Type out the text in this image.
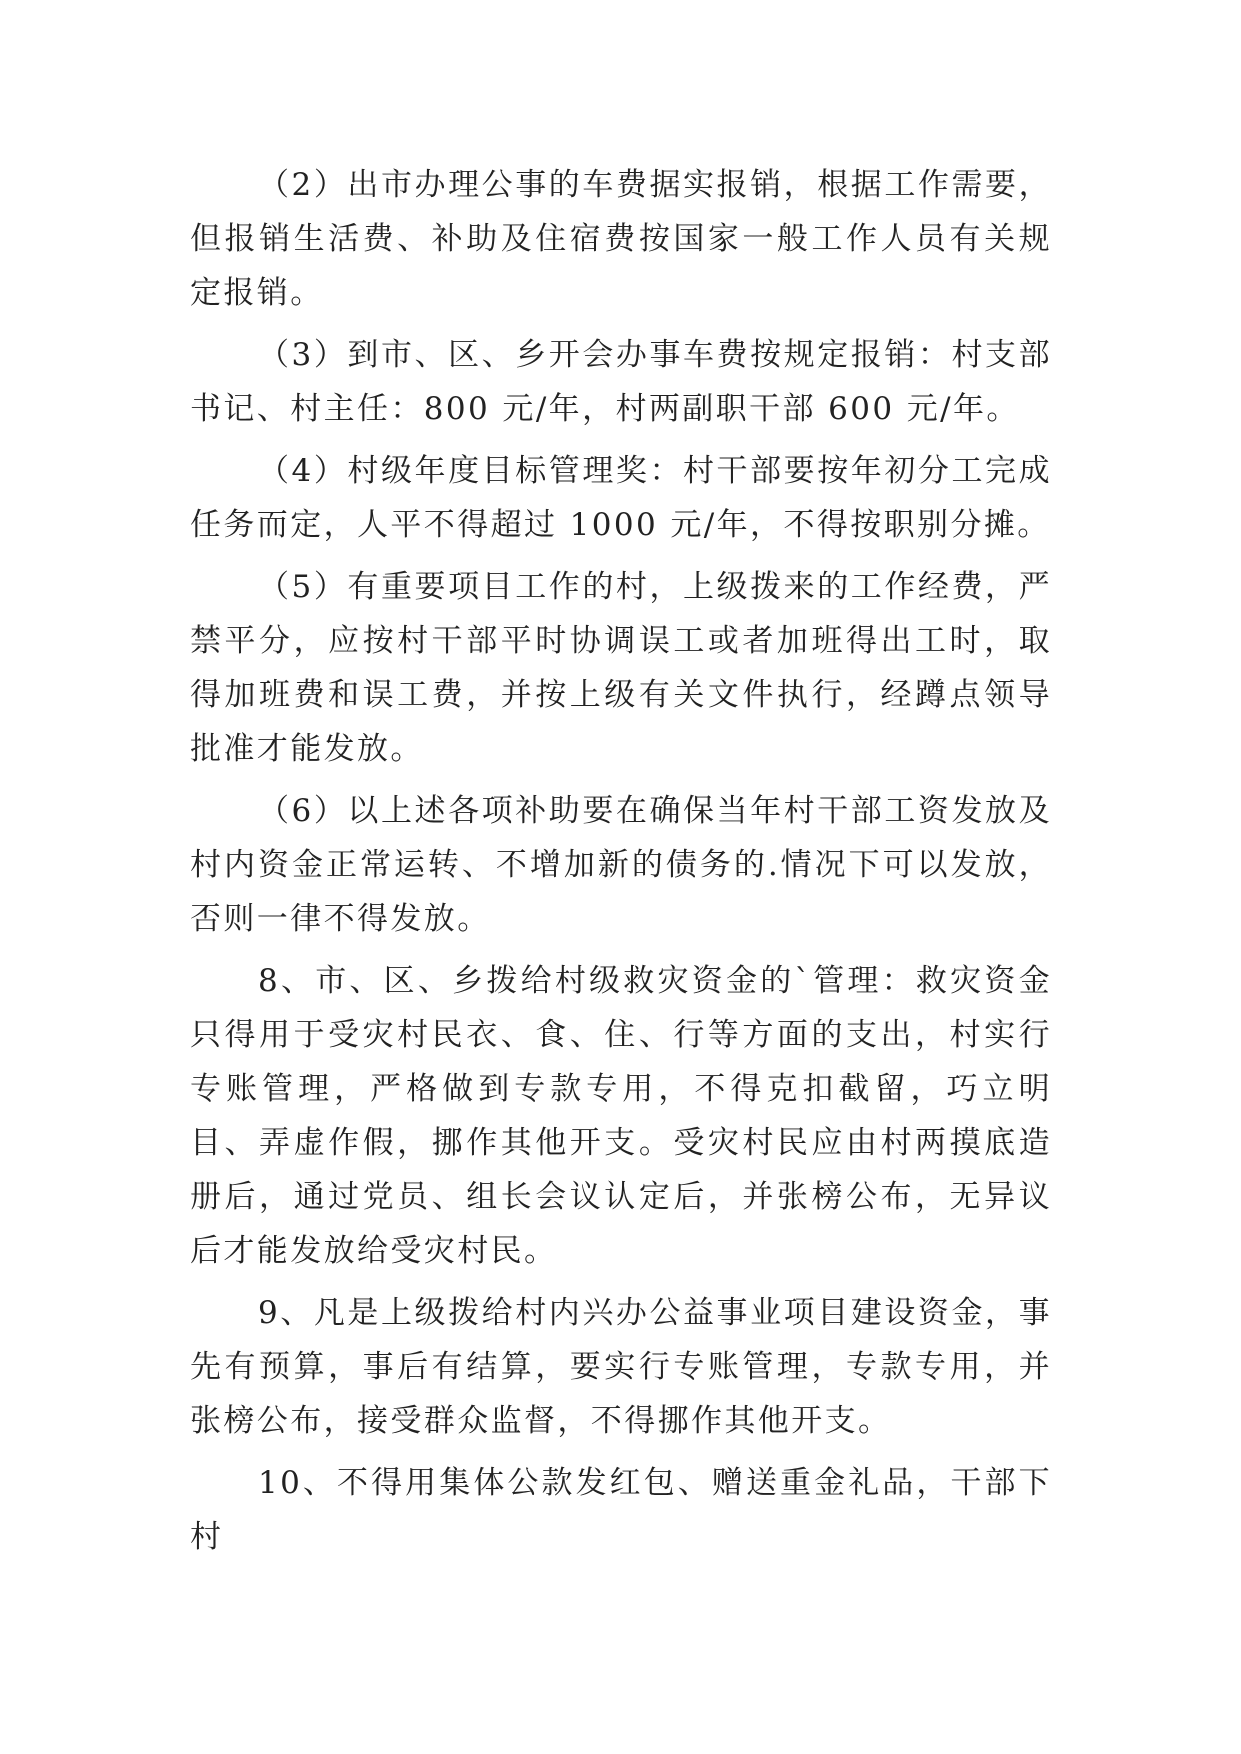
（2）出市办理公事的车费据实报销，根据工作需要，但报销生活费、补助及住宿费按国家一般工作人员有关规定报销。

（3）到市、区、乡开会办事车费按规定报销：村支部书记、村主任：800 元/年，村两副职干部 600 元/年。

（4）村级年度目标管理奖：村干部要按年初分工完成任务而定，人平不得超过 1000 元/年，不得按职别分摊。

（5）有重要项目工作的村，上级拨来的工作经费，严禁平分，应按村干部平时协调误工或者加班得出工时，取得加班费和误工费，并按上级有关文件执行，经蹲点领导批准才能发放。

（6）以上述各项补助要在确保当年村干部工资发放及村内资金正常运转、不增加新的债务的.情况下可以发放，否则一律不得发放。

8、市、区、乡拨给村级救灾资金的`管理：救灾资金只得用于受灾村民衣、食、住、行等方面的支出，村实行专账管理，严格做到专款专用，不得克扣截留，巧立明目、弄虚作假，挪作其他开支。受灾村民应由村两摸底造册后，通过党员、组长会议认定后，并张榜公布，无异议后才能发放给受灾村民。

9、凡是上级拨给村内兴办公益事业项目建设资金，事先有预算，事后有结算，要实行专账管理，专款专用，并张榜公布，接受群众监督，不得挪作其他开支。

10、不得用集体公款发红包、赠送重金礼品，干部下村
